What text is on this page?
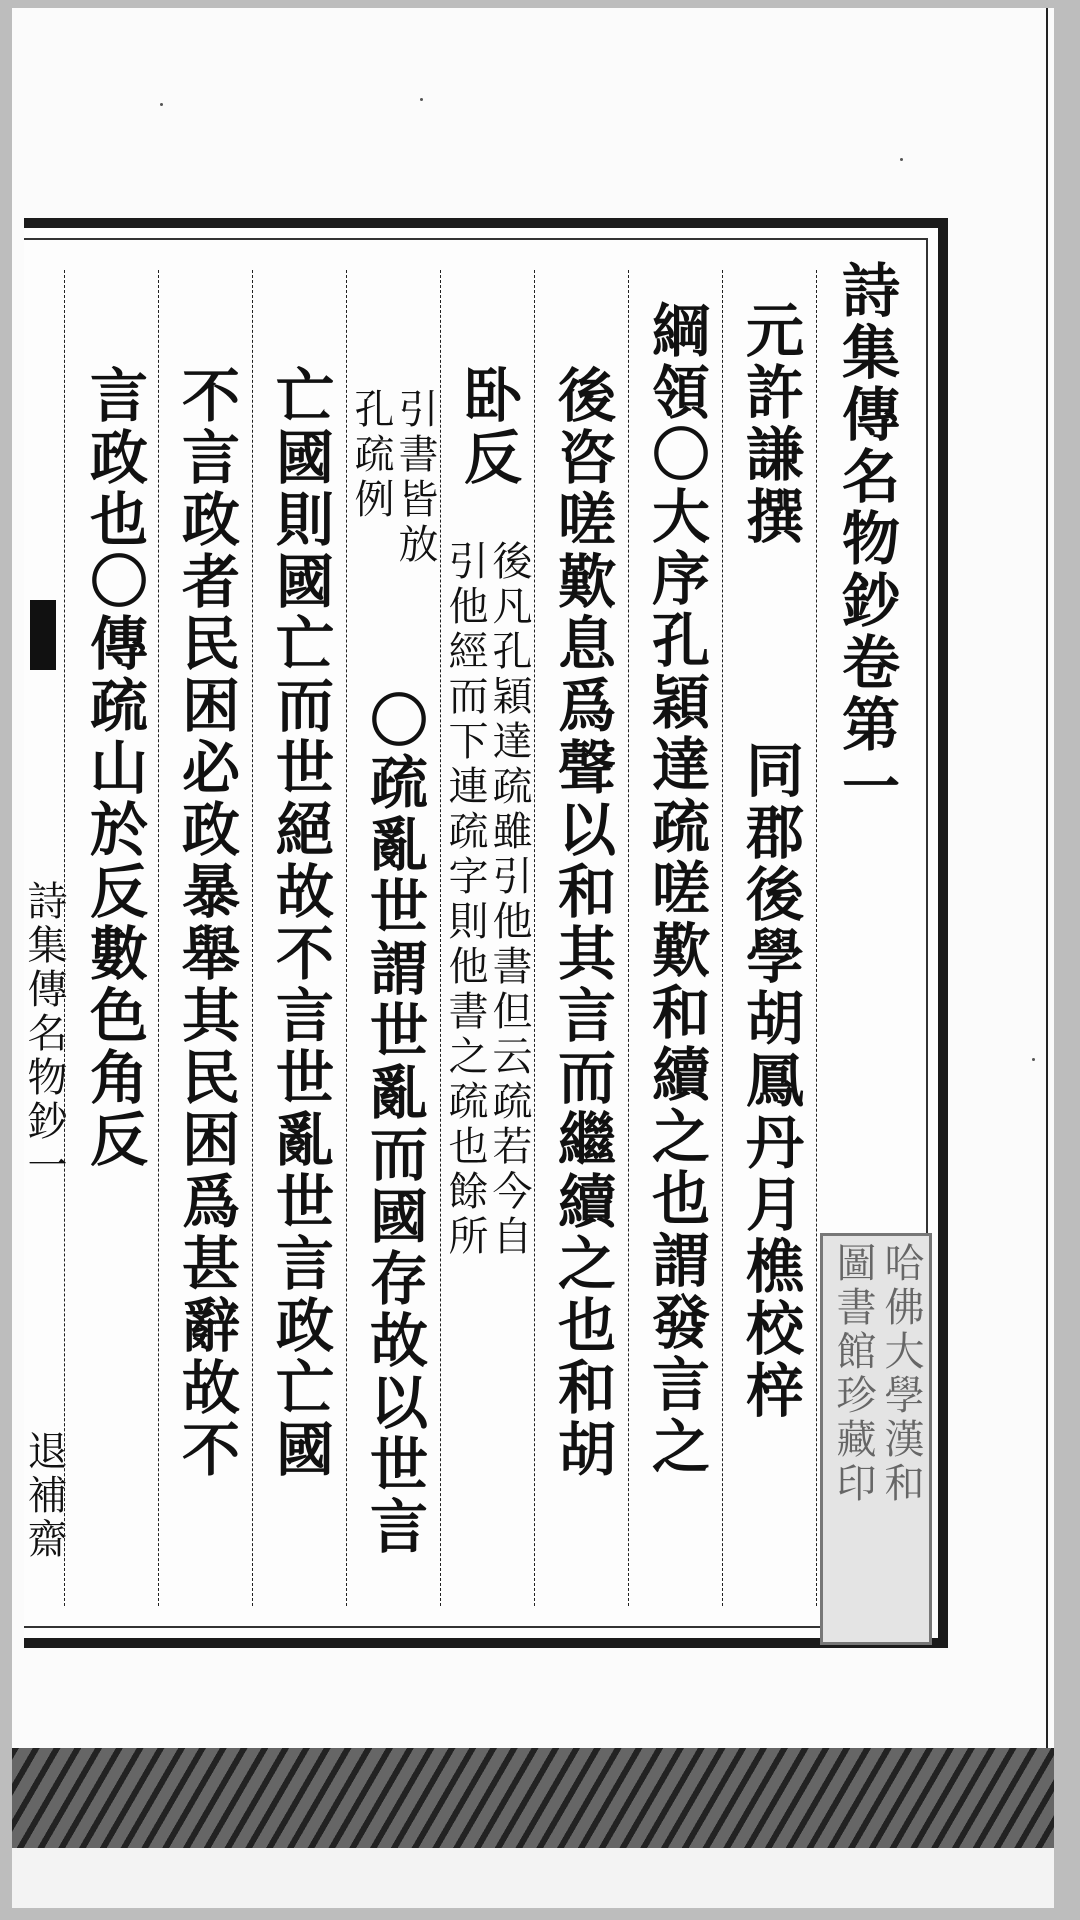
詩集傳名物鈔一
退補齋
言政也〇傳疏山於反數色角反 不言政者民困必政暴舉其民困爲甚辭故不 亡國則國亡而世絕故不言世亂世言政亡國 孔疏例
引書皆放
〇疏亂世謂世亂而國存故以世言
卧反
引他經而下連疏字則他書之疏也餘所
後凡孔穎達疏雖引他書但云疏若今自 後咨嗟歎息爲聲以和其言而繼續之也和胡 綱領〇大序孔穎達疏嗟歎和續之也謂發言之 元許謙撰
同郡後學胡鳳丹月樵校梓
詩集傳名物鈔卷第一
哈佛大學漢和
圖書館珍藏印
